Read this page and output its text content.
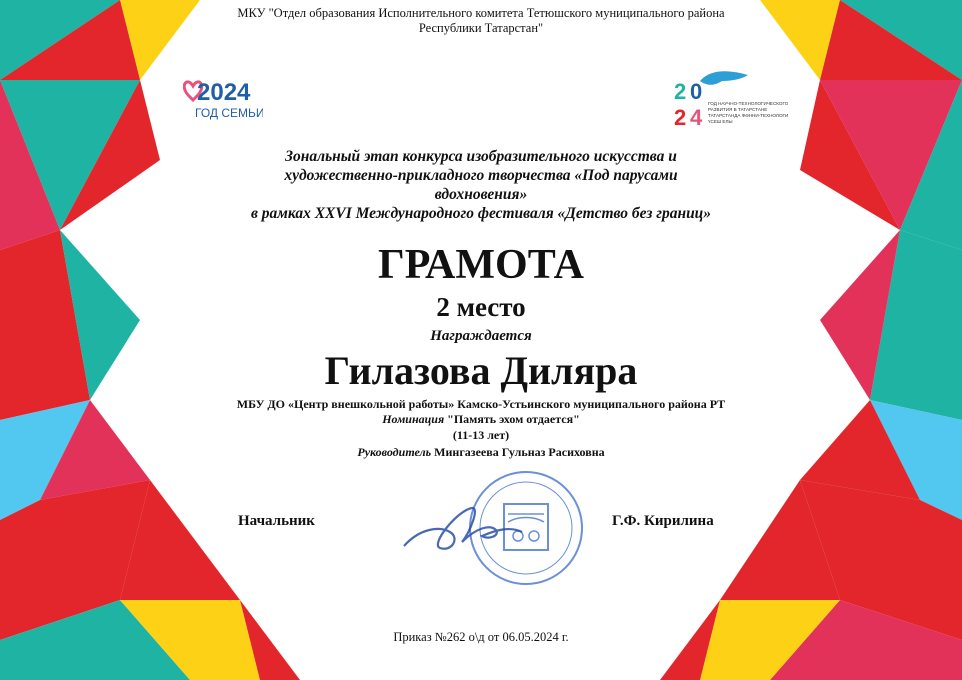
МКУ "Отдел образования Исполнительного комитета Тетюшского муниципального района
Республики Татарстан"
2024
ГОД СЕМЬИ
2 0
2 4
ГОД НАУЧНО-ТЕХНОЛОГИЧЕСКОГО
РАЗВИТИЯ В ТАТАРСТАНЕ
ТАТАРСТАНДА ФӘННИ-ТЕХНОЛОГИК
ҮСЕШ ЕЛЫ
Зональный этап конкурса изобразительного искусства и
художественно-прикладного творчества «Под парусами
вдохновения»
в рамках XXVI Международного фестиваля «Детство без границ»
ГРАМОТА
2 место
Награждается
Гилазова Диляра
МБУ ДО «Центр внешкольной работы» Камско-Устьинского муниципального района РТ
Номинация "Память эхом отдается"
(11-13 лет)
Руководитель Мингазеева Гульназ Расиховна
Начальник	Г.Ф. Кирилина
Приказ №262 о\д от 06.05.2024 г.
